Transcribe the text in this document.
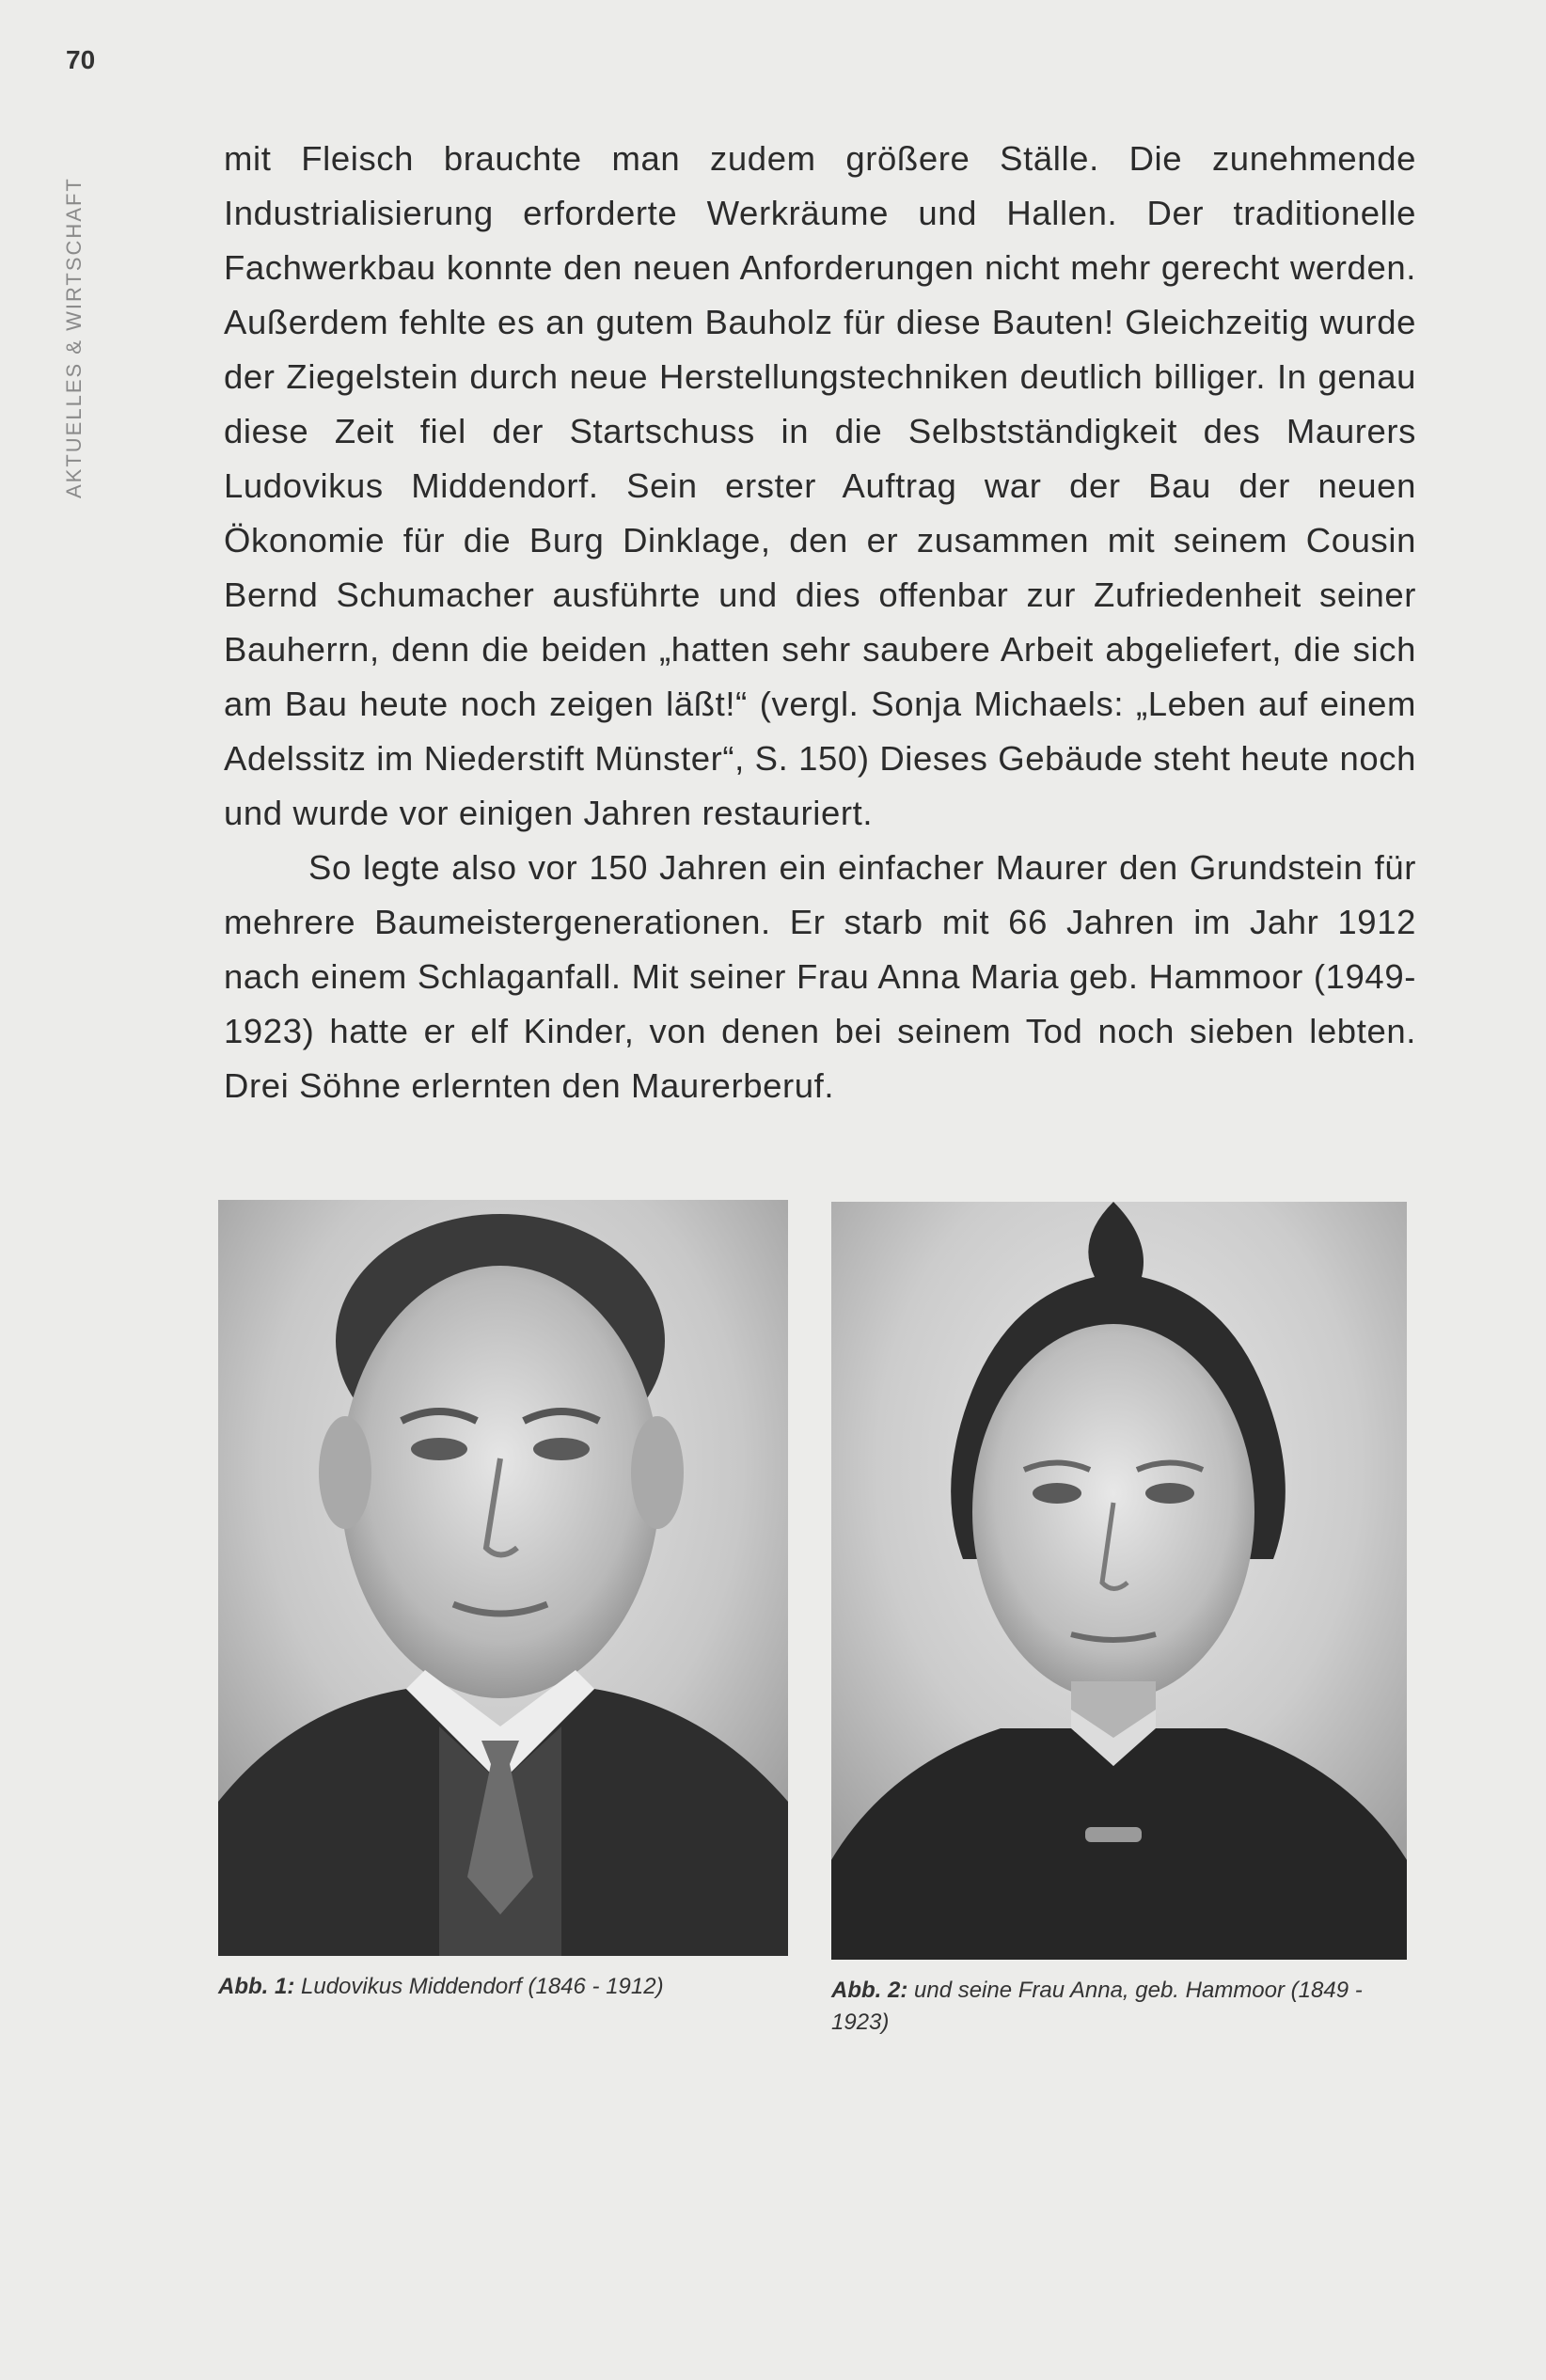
70
AKTUELLES & WIRTSCHAFT

mit Fleisch brauchte man zudem größere Ställe. Die zunehmende Industrialisierung erforderte Werkräume und Hallen. Der traditionelle Fachwerkbau konnte den neuen Anforderungen nicht mehr gerecht werden. Außerdem fehlte es an gutem Bauholz für diese Bauten! Gleichzeitig wurde der Ziegelstein durch neue Herstellungstechniken deutlich billiger. In genau diese Zeit fiel der Startschuss in die Selbstständigkeit des Maurers Ludovikus Middendorf. Sein erster Auftrag war der Bau der neuen Ökonomie für die Burg Dinklage, den er zusammen mit seinem Cousin Bernd Schumacher ausführte und dies offenbar zur Zufriedenheit seiner Bauherrn, denn die beiden „hatten sehr saubere Arbeit abgeliefert, die sich am Bau heute noch zeigen läßt!“ (vergl. Sonja Michaels: „Leben auf einem Adelssitz im Niederstift Münster“, S. 150) Dieses Gebäude steht heute noch und wurde vor einigen Jahren restauriert.

So legte also vor 150 Jahren ein einfacher Maurer den Grundstein für mehrere Baumeistergenerationen. Er starb mit 66 Jahren im Jahr 1912 nach einem Schlaganfall. Mit seiner Frau Anna Maria geb. Hammoor (1949-1923) hatte er elf Kinder, von denen bei seinem Tod noch sieben lebten. Drei Söhne erlernten den Maurerberuf.

Abb. 1: Ludovikus Middendorf (1846 - 1912)	Abb. 2: und seine Frau Anna, geb. Hammoor (1849 - 1923)
